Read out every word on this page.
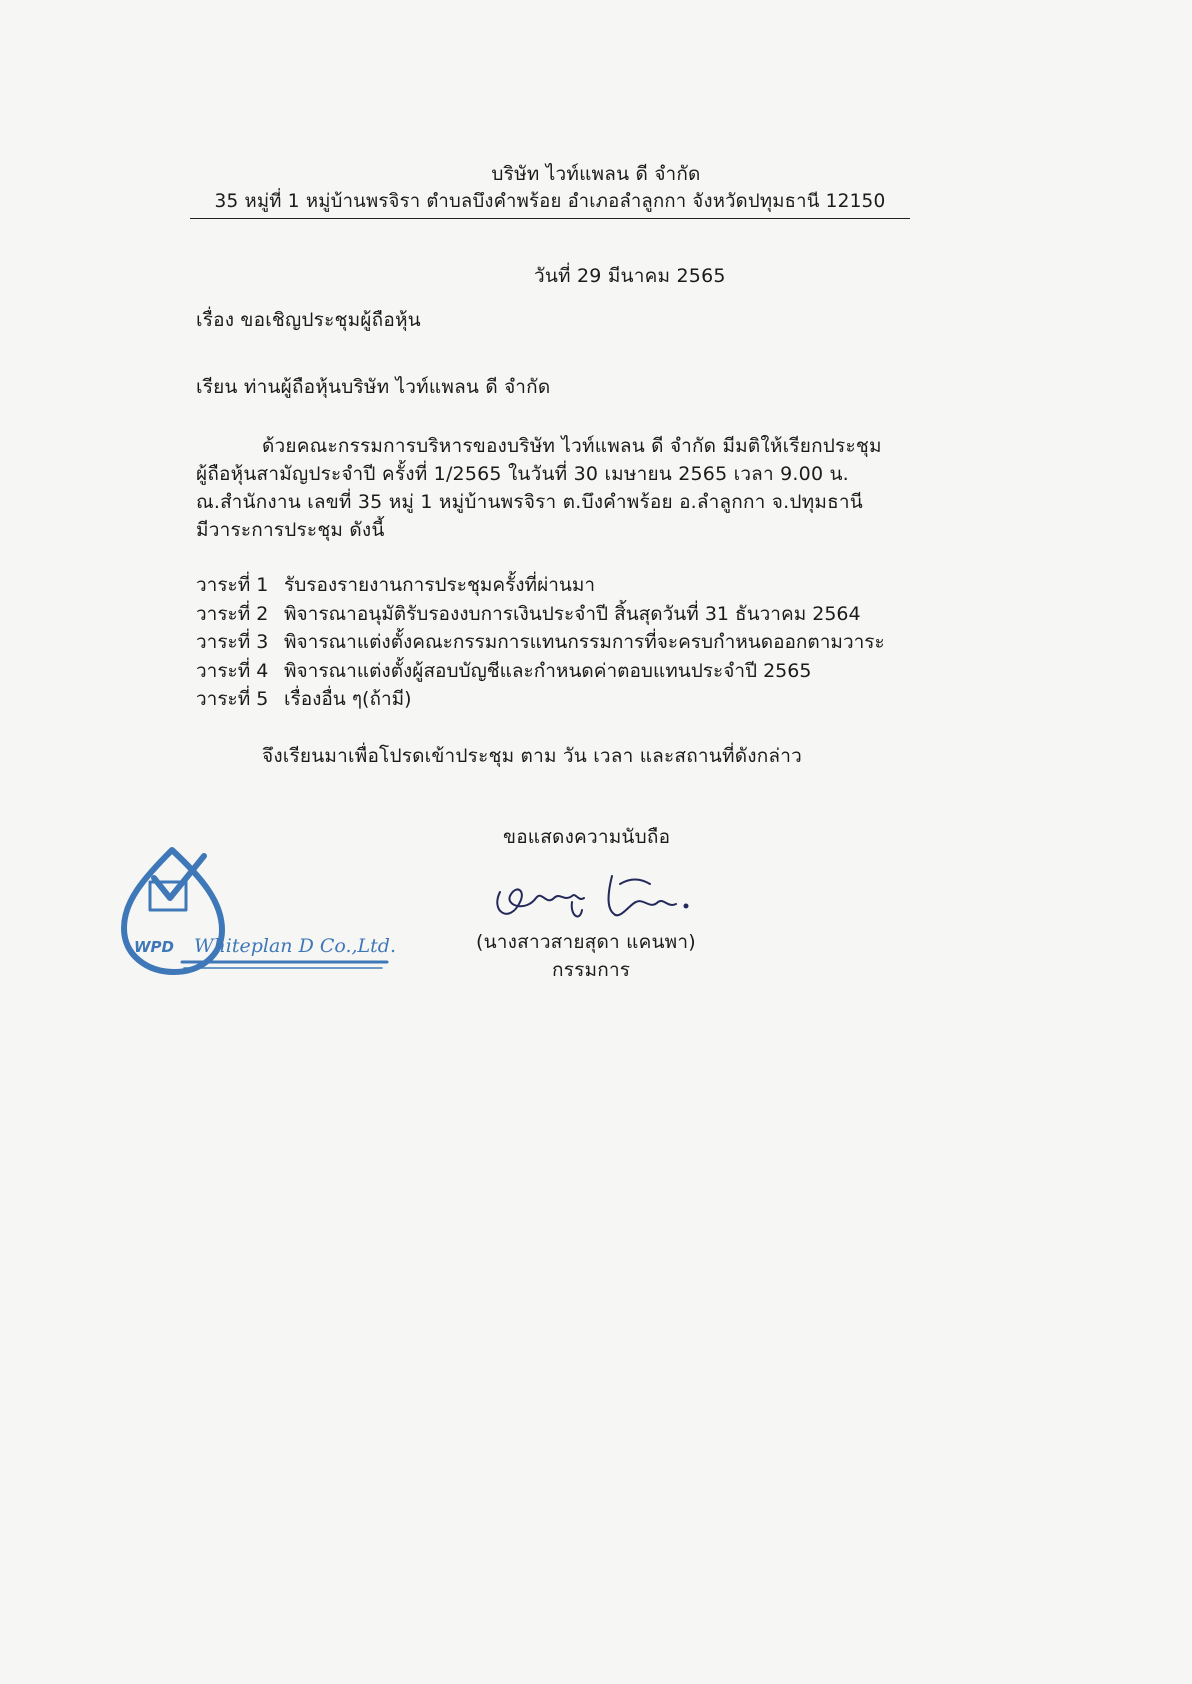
บริษัท ไวท์แพลน ดี จำกัด
35 หมู่ที่ 1 หมู่บ้านพรจิรา ตำบลบึงคำพร้อย อำเภอลำลูกกา จังหวัดปทุมธานี 12150
วันที่ 29 มีนาคม 2565
เรื่อง ขอเชิญประชุมผู้ถือหุ้น
เรียน ท่านผู้ถือหุ้นบริษัท ไวท์แพลน ดี จำกัด
ด้วยคณะกรรมการบริหารของบริษัท ไวท์แพลน ดี จำกัด มีมติให้เรียกประชุม
ผู้ถือหุ้นสามัญประจำปี ครั้งที่ 1/2565 ในวันที่ 30 เมษายน 2565 เวลา 9.00 น.
ณ.สำนักงาน เลขที่ 35 หมู่ 1 หมู่บ้านพรจิรา ต.บึงคำพร้อย อ.ลำลูกกา จ.ปทุมธานี
มีวาระการประชุม ดังนี้
วาระที่ 1 รับรองรายงานการประชุมครั้งที่ผ่านมา
วาระที่ 2 พิจารณาอนุมัติรับรองงบการเงินประจำปี สิ้นสุดวันที่ 31 ธันวาคม 2564
วาระที่ 3 พิจารณาแต่งตั้งคณะกรรมการแทนกรรมการที่จะครบกำหนดออกตามวาระ
วาระที่ 4 พิจารณาแต่งตั้งผู้สอบบัญชีและกำหนดค่าตอบแทนประจำปี 2565
วาระที่ 5 เรื่องอื่น ๆ(ถ้ามี)
จึงเรียนมาเพื่อโปรดเข้าประชุม ตาม วัน เวลา และสถานที่ดังกล่าว
ขอแสดงความนับถือ
WPD Whiteplan D Co.,Ltd.	(นางสาวสายสุดา แคนพา)
กรรมการ
